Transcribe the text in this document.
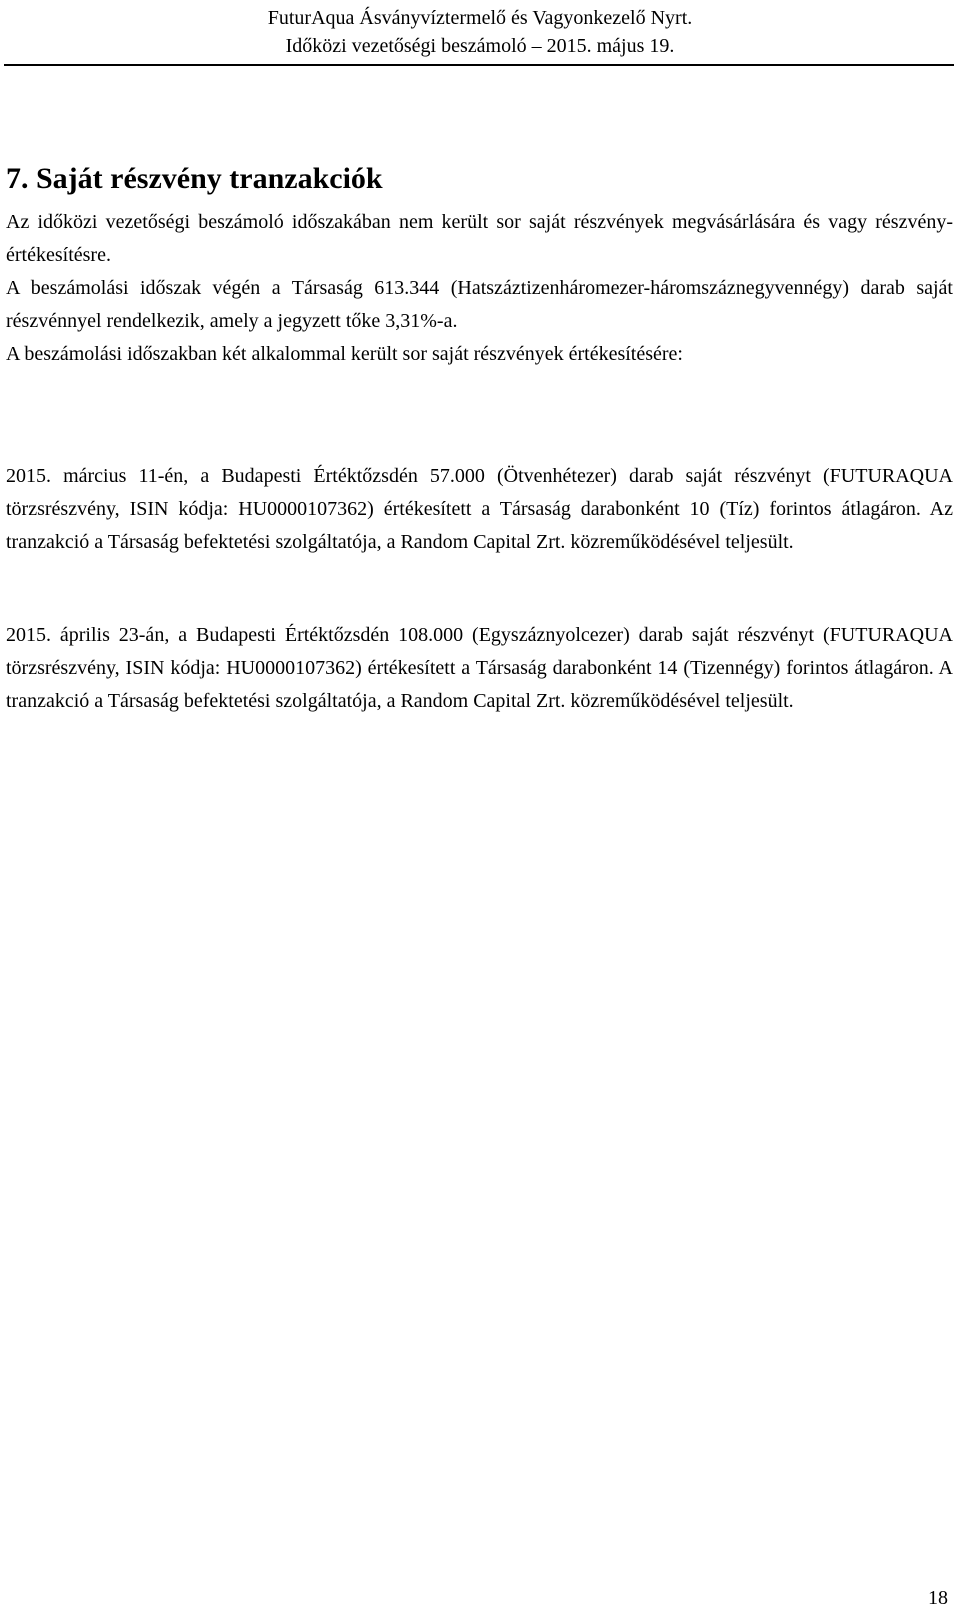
FuturAqua Ásványvíztermelő és Vagyonkezelő Nyrt.
Időközi vezetőségi beszámoló – 2015. május 19.
7. Saját részvény tranzakciók

Az időközi vezetőségi beszámoló időszakában nem került sor saját részvények megvásárlására és vagy részvény-értékesítésre.

A beszámolási időszak végén a Társaság 613.344 (Hatszáztizenháromezer-háromszáznegyvennégy) darab saját részvénnyel rendelkezik, amely a jegyzett tőke 3,31%-a.

A beszámolási időszakban két alkalommal került sor saját részvények értékesítésére:

2015. március 11-én, a Budapesti Értéktőzsdén 57.000 (Ötvenhétezer) darab saját részvényt (FUTURAQUA törzsrészvény, ISIN kódja: HU0000107362) értékesített a Társaság darabonként 10 (Tíz) forintos átlagáron. Az tranzakció a Társaság befektetési szolgáltatója, a Random Capital Zrt. közreműködésével teljesült.

2015. április 23-án, a Budapesti Értéktőzsdén 108.000 (Egyszáznyolcezer) darab saját részvényt (FUTURAQUA törzsrészvény, ISIN kódja: HU0000107362) értékesített a Társaság darabonként 14 (Tizennégy) forintos átlagáron. A tranzakció a Társaság befektetési szolgáltatója, a Random Capital Zrt. közreműködésével teljesült.

18
